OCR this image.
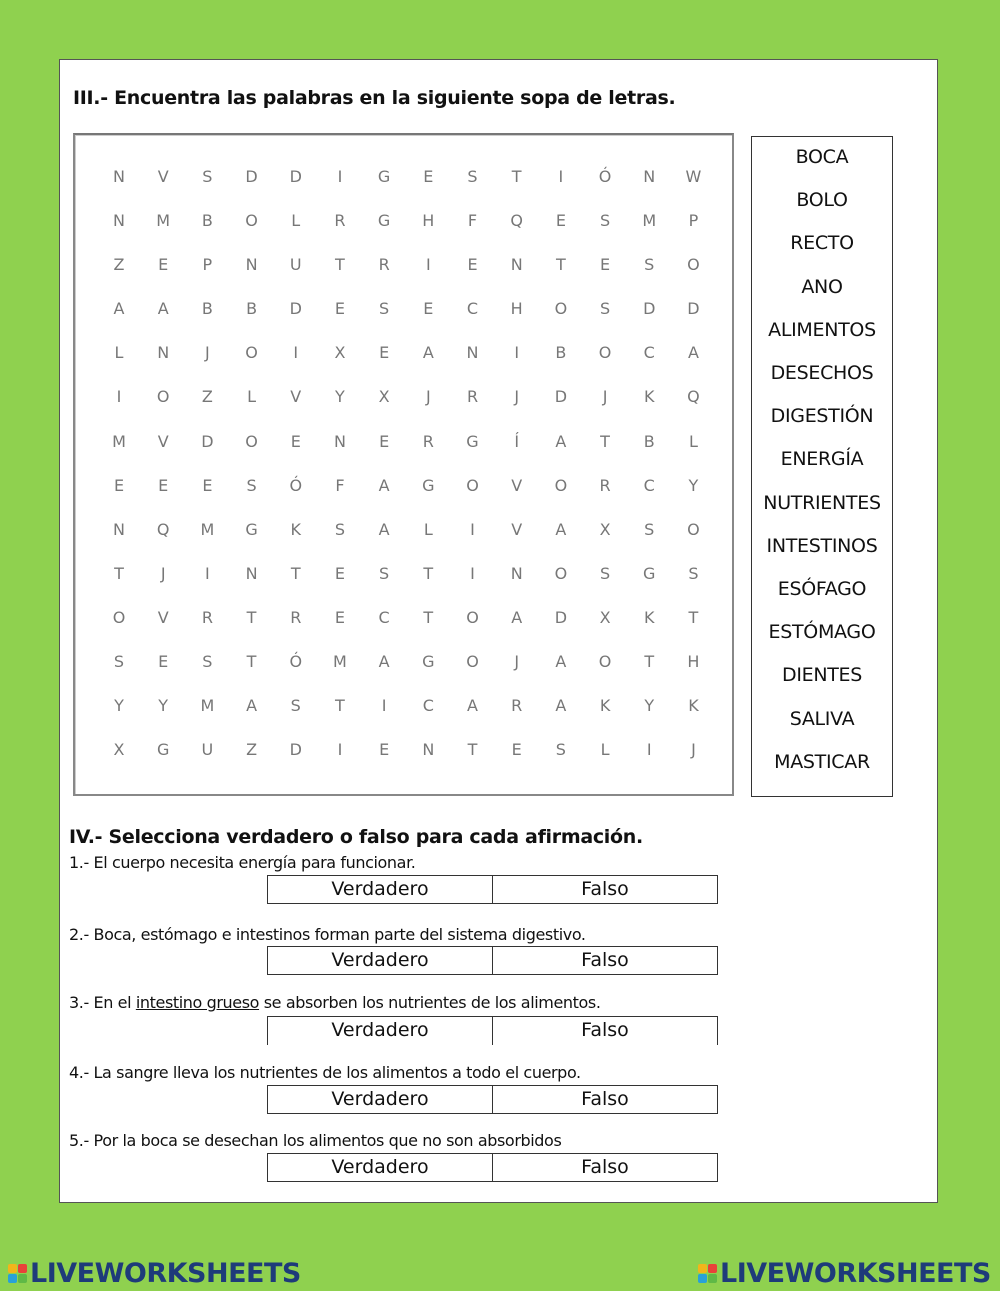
III.- Encuentra las palabras en la siguiente sopa de letras.
N V	S	D D	I	G	E	S	T	I	Ó N W
N M B O	L	R G H	F	Q	E	S	M	P
Z	E	P	N U	T	R	I	E	N	T	E	S	O
A A B B D	E	S	E	C H O	S	D D
L	N	J	O	I	X	E	A N	I	B O C A
I	O Z	L	V	Y	X	J	R	J	D	J	K Q
M V D O	E	N	E	R G	Í	A	T	B	L
E	E	E	S	Ó	F	A G O V O R C	Y
N Q M G K	S	A	L	I	V A X	S	O
T	J	I	N	T	E	S	T	I	N O	S	G	S
O V R	T	R	E	C	T	O A D X K	T
S	E	S	T	Ó M A G O	J	A O	T	H
Y	Y	M A	S	T	I	C A R A K	Y	K
X G U Z D	I	E	N	T	E	S	L	I	J
BOCA
BOLO
RECTO
ANO
ALIMENTOS
DESECHOS
DIGESTIÓN
ENERGÍA
NUTRIENTES
INTESTINOS
ESÓFAGO
ESTÓMAGO
DIENTES
SALIVA
MASTICAR
IV.- Selecciona verdadero o falso para cada afirmación.
1.- El cuerpo necesita energía para funcionar.
Verdadero	Falso
2.- Boca, estómago e intestinos forman parte del sistema digestivo.
Verdadero	Falso
3.- En el intestino grueso se absorben los nutrientes de los alimentos.
Verdadero	Falso
4.- La sangre lleva los nutrientes de los alimentos a todo el cuerpo.
Verdadero	Falso
5.- Por la boca se desechan los alimentos que no son absorbidos
Verdadero	Falso
LIVEWORKSHEETS	LIVEWORKSHEETS
